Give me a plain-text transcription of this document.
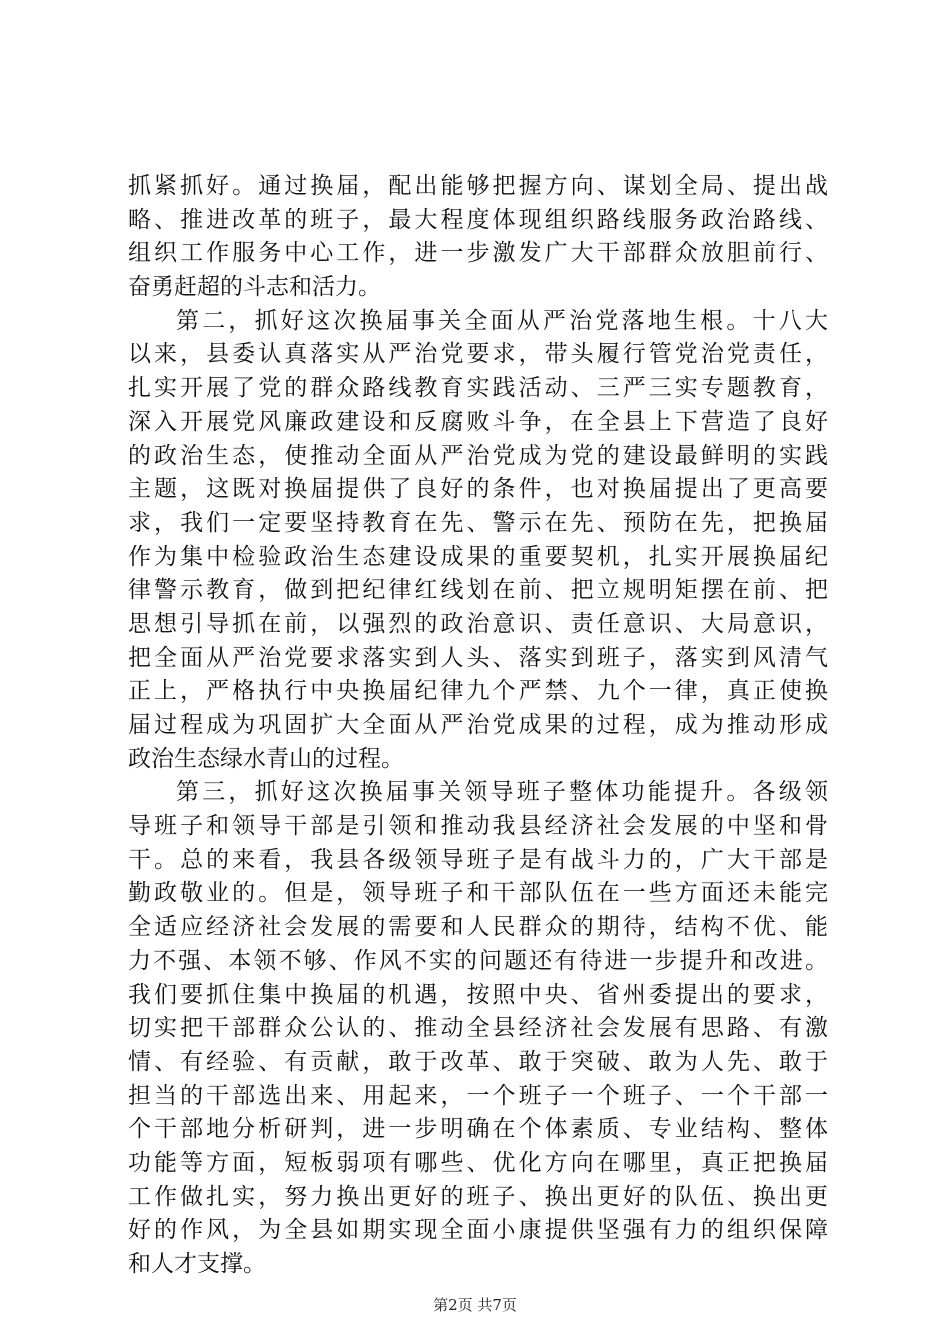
抓紧抓好。通过换届，配出能够把握方向、谋划全局、提出战
略、推进改革的班子，最大程度体现组织路线服务政治路线、
组织工作服务中心工作，进一步激发广大干部群众放胆前行、
奋勇赶超的斗志和活力。
第二，抓好这次换届事关全面从严治党落地生根。十八大
以来，县委认真落实从严治党要求，带头履行管党治党责任，
扎实开展了党的群众路线教育实践活动、三严三实专题教育，
深入开展党风廉政建设和反腐败斗争，在全县上下营造了良好
的政治生态，使推动全面从严治党成为党的建设最鲜明的实践
主题，这既对换届提供了良好的条件，也对换届提出了更高要
求，我们一定要坚持教育在先、警示在先、预防在先，把换届
作为集中检验政治生态建设成果的重要契机，扎实开展换届纪
律警示教育，做到把纪律红线划在前、把立规明矩摆在前、把
思想引导抓在前，以强烈的政治意识、责任意识、大局意识，
把全面从严治党要求落实到人头、落实到班子，落实到风清气
正上，严格执行中央换届纪律九个严禁、九个一律，真正使换
届过程成为巩固扩大全面从严治党成果的过程，成为推动形成
政治生态绿水青山的过程。
第三，抓好这次换届事关领导班子整体功能提升。各级领
导班子和领导干部是引领和推动我县经济社会发展的中坚和骨
干。总的来看，我县各级领导班子是有战斗力的，广大干部是
勤政敬业的。但是，领导班子和干部队伍在一些方面还未能完
全适应经济社会发展的需要和人民群众的期待，结构不优、能
力不强、本领不够、作风不实的问题还有待进一步提升和改进。
我们要抓住集中换届的机遇，按照中央、省州委提出的要求，
切实把干部群众公认的、推动全县经济社会发展有思路、有激
情、有经验、有贡献，敢于改革、敢于突破、敢为人先、敢于
担当的干部选出来、用起来，一个班子一个班子、一个干部一
个干部地分析研判，进一步明确在个体素质、专业结构、整体
功能等方面，短板弱项有哪些、优化方向在哪里，真正把换届
工作做扎实，努力换出更好的班子、换出更好的队伍、换出更
好的作风，为全县如期实现全面小康提供坚强有力的组织保障
和人才支撑。
第2页 共7页
